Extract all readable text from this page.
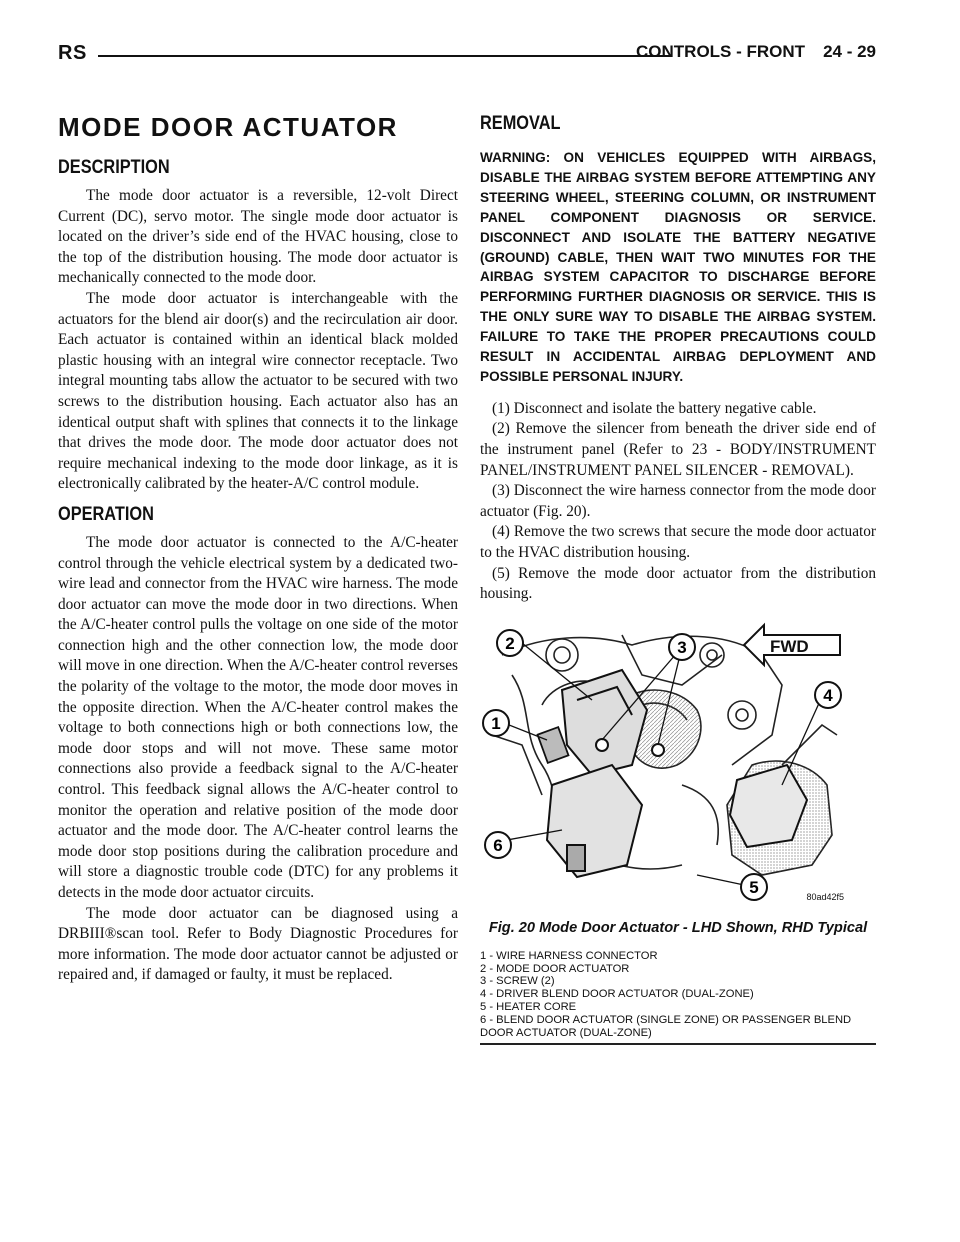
RS	CONTROLS - FRONT 24 - 29
MODE DOOR ACTUATOR
DESCRIPTION

The mode door actuator is a reversible, 12-volt Direct Current (DC), servo motor. The single mode door actuator is located on the driver’s side end of the HVAC housing, close to the top of the distribution housing. The mode door actuator is mechanically connected to the mode door.

The mode door actuator is interchangeable with the actuators for the blend air door(s) and the recirculation air door. Each actuator is contained within an identical black molded plastic housing with an integral wire connector receptacle. Two integral mounting tabs allow the actuator to be secured with two screws to the distribution housing. Each actuator also has an identical output shaft with splines that connects it to the linkage that drives the mode door. The mode door actuator does not require mechanical indexing to the mode door linkage, as it is electronically calibrated by the heater-A/C control module.

OPERATION

The mode door actuator is connected to the A/C-heater control through the vehicle electrical system by a dedicated two-wire lead and connector from the HVAC wire harness. The mode door actuator can move the mode door in two directions. When the A/C-heater control pulls the voltage on one side of the motor connection high and the other connection low, the mode door will move in one direction. When the A/C-heater control reverses the polarity of the voltage to the motor, the mode door moves in the opposite direction. When the A/C-heater control makes the voltage to both connections high or both connections low, the mode door stops and will not move. These same motor connections also provide a feedback signal to the A/C-heater control. This feedback signal allows the A/C-heater control to monitor the operation and relative position of the mode door actuator and the mode door. The A/C-heater control learns the mode door stop positions during the calibration procedure and will store a diagnostic trouble code (DTC) for any problems it detects in the mode door actuator circuits.

The mode door actuator can be diagnosed using a DRBIII®scan tool. Refer to Body Diagnostic Procedures for more information. The mode door actuator cannot be adjusted or repaired and, if damaged or faulty, it must be replaced.

REMOVAL
WARNING: ON VEHICLES EQUIPPED WITH AIRBAGS, DISABLE THE AIRBAG SYSTEM BEFORE ATTEMPTING ANY STEERING WHEEL, STEERING COLUMN, OR INSTRUMENT PANEL COMPONENT DIAGNOSIS OR SERVICE. DISCONNECT AND ISOLATE THE BATTERY NEGATIVE (GROUND) CABLE, THEN WAIT TWO MINUTES FOR THE AIRBAG SYSTEM CAPACITOR TO DISCHARGE BEFORE PERFORMING FURTHER DIAGNOSIS OR SERVICE. THIS IS THE ONLY SURE WAY TO DISABLE THE AIRBAG SYSTEM. FAILURE TO TAKE THE PROPER PRECAUTIONS COULD RESULT IN ACCIDENTAL AIRBAG DEPLOYMENT AND POSSIBLE PERSONAL INJURY.

(1) Disconnect and isolate the battery negative cable.

(2) Remove the silencer from beneath the driver side end of the instrument panel (Refer to 23 - BODY/INSTRUMENT PANEL/INSTRUMENT PANEL SILENCER - REMOVAL).

(3) Disconnect the wire harness connector from the mode door actuator (Fig. 20).

(4) Remove the two screws that secure the mode door actuator to the HVAC distribution housing.

(5) Remove the mode door actuator from the distribution housing.

FWD
2	3
1
4
6
5	80ad42f5
Fig. 20 Mode Door Actuator - LHD Shown, RHD Typical
1 - WIRE HARNESS CONNECTOR
2 - MODE DOOR ACTUATOR
3 - SCREW (2)
4 - DRIVER BLEND DOOR ACTUATOR (DUAL-ZONE)
5 - HEATER CORE
6 - BLEND DOOR ACTUATOR (SINGLE ZONE) OR PASSENGER BLEND DOOR ACTUATOR (DUAL-ZONE)
